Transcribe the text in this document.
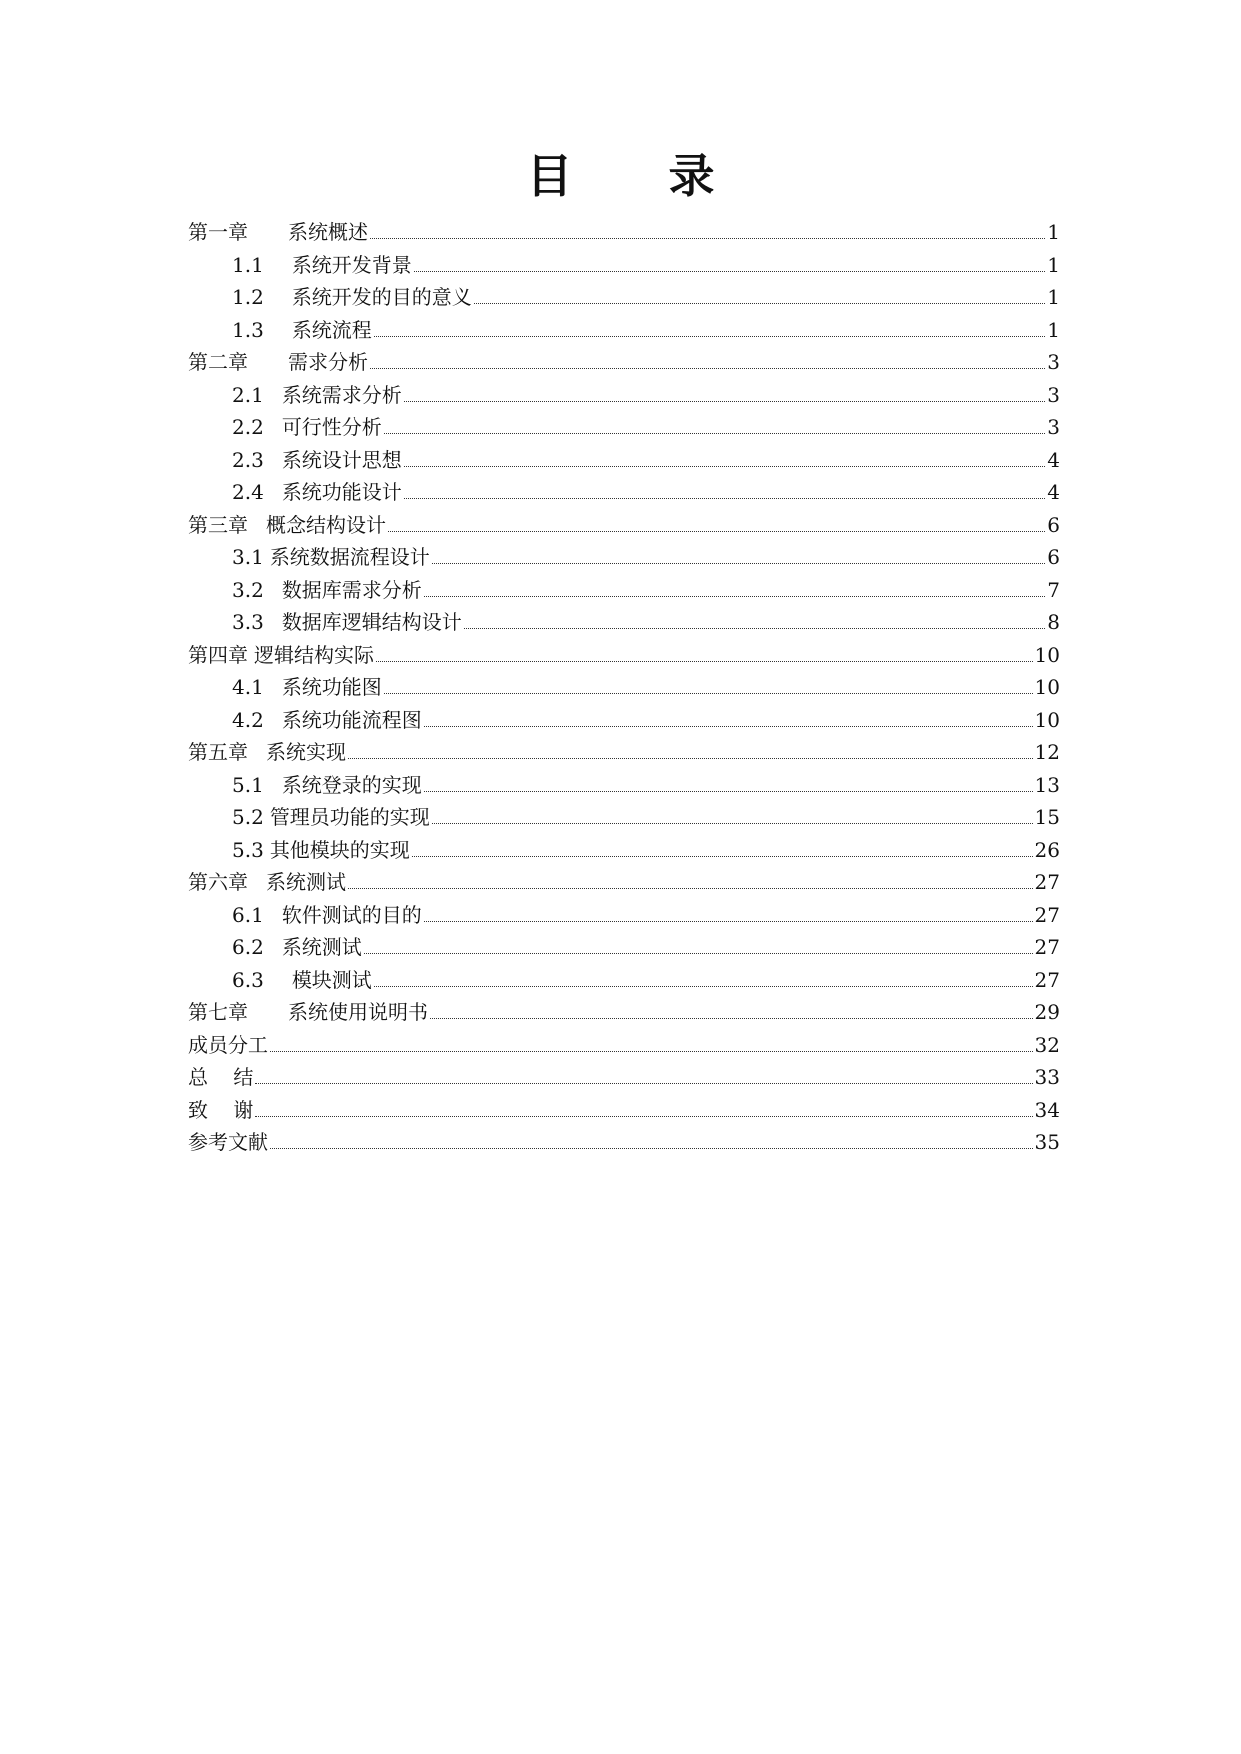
目 录
第一章 系统概述	1
1.1 系统开发背景	1
1.2 系统开发的目的意义	1
1.3 系统流程	1
第二章 需求分析	3
2.1 系统需求分析	3
2.2 可行性分析	3
2.3 系统设计思想	4
2.4 系统功能设计	4
第三章 概念结构设计	6
3.1 系统数据流程设计	6
3.2 数据库需求分析	7
3.3 数据库逻辑结构设计	8
第四章 逻辑结构实际	10
4.1 系统功能图	10
4.2 系统功能流程图	10
第五章 系统实现	12
5.1 系统登录的实现	13
5.2 管理员功能的实现	15
5.3 其他模块的实现	26
第六章 系统测试	27
6.1 软件测试的目的	27
6.2 系统测试	27
6.3 模块测试	27
第七章 系统使用说明书	29
成员分工	32
总    结	33
致    谢	34
参考文献	35
